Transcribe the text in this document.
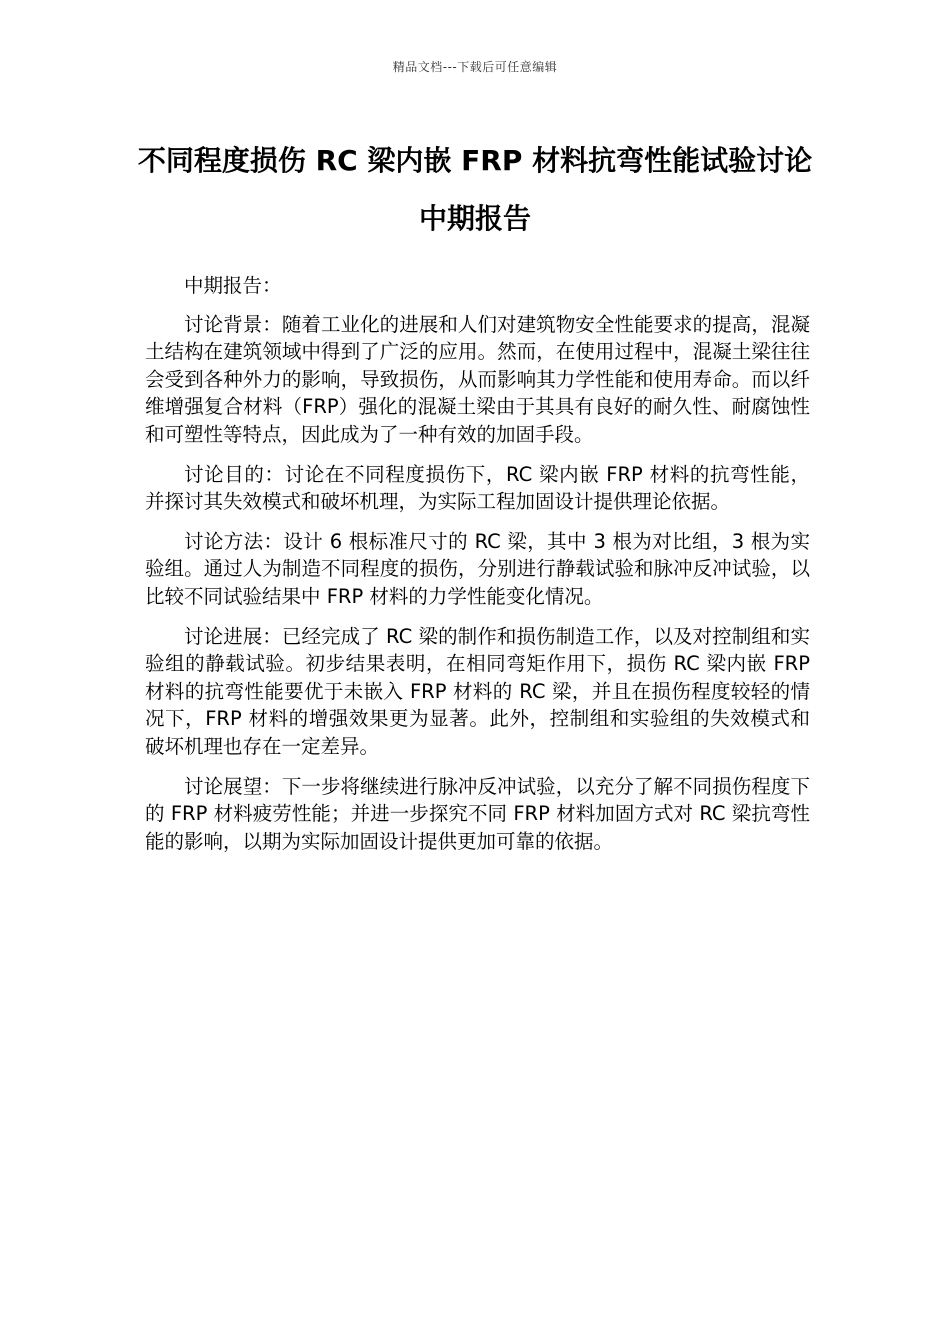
精品文档---下载后可任意编辑
不同程度损伤 RC 梁内嵌 FRP 材料抗弯性能试验讨论中期报告

中期报告：

讨论背景：随着工业化的进展和人们对建筑物安全性能要求的提高，混凝土结构在建筑领域中得到了广泛的应用。然而，在使用过程中，混凝土梁往往会受到各种外力的影响，导致损伤，从而影响其力学性能和使用寿命。而以纤维增强复合材料（FRP）强化的混凝土梁由于其具有良好的耐久性、耐腐蚀性和可塑性等特点，因此成为了一种有效的加固手段。

讨论目的：讨论在不同程度损伤下，RC 梁内嵌 FRP 材料的抗弯性能，并探讨其失效模式和破坏机理，为实际工程加固设计提供理论依据。

讨论方法：设计 6 根标准尺寸的 RC 梁，其中 3 根为对比组，3 根为实验组。通过人为制造不同程度的损伤，分别进行静载试验和脉冲反冲试验，以比较不同试验结果中 FRP 材料的力学性能变化情况。

讨论进展：已经完成了 RC 梁的制作和损伤制造工作，以及对控制组和实验组的静载试验。初步结果表明，在相同弯矩作用下，损伤 RC 梁内嵌 FRP 材料的抗弯性能要优于未嵌入 FRP 材料的 RC 梁，并且在损伤程度较轻的情况下，FRP 材料的增强效果更为显著。此外，控制组和实验组的失效模式和破坏机理也存在一定差异。

讨论展望：下一步将继续进行脉冲反冲试验，以充分了解不同损伤程度下的 FRP 材料疲劳性能；并进一步探究不同 FRP 材料加固方式对 RC 梁抗弯性能的影响，以期为实际加固设计提供更加可靠的依据。
